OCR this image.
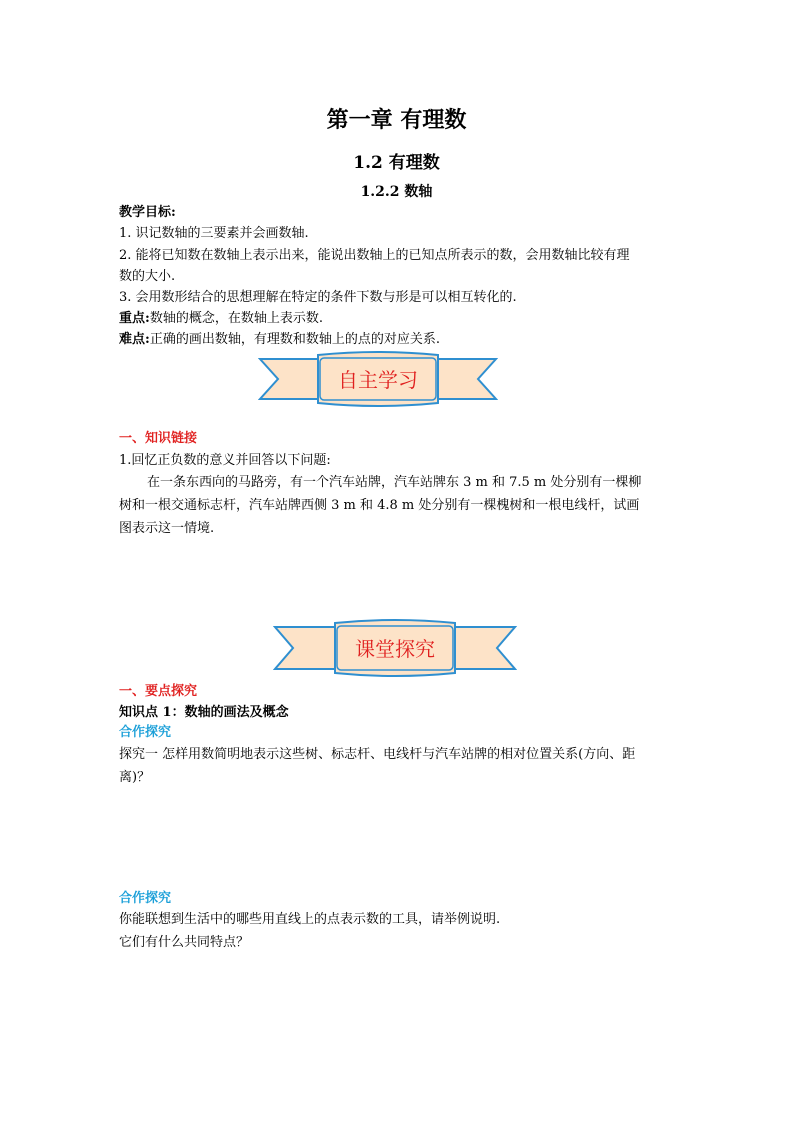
第一章 有理数
1.2 有理数
1.2.2 数轴
教学目标:
1. 识记数轴的三要素并会画数轴.
2. 能将已知数在数轴上表示出来，能说出数轴上的已知点所表示的数，会用数轴比较有理
数的大小.
3. 会用数形结合的思想理解在特定的条件下数与形是可以相互转化的.
重点:数轴的概念，在数轴上表示数.
难点:正确的画出数轴，有理数和数轴上的点的对应关系.
自主学习
一、知识链接
1.回忆正负数的意义并回答以下问题:
在一条东西向的马路旁，有一个汽车站牌，汽车站牌东 3 m 和 7.5 m 处分别有一棵柳
树和一根交通标志杆，汽车站牌西侧 3 m 和 4.8 m 处分别有一棵槐树和一根电线杆，试画
图表示这一情境.
课堂探究
一、要点探究
知识点 1：数轴的画法及概念
合作探究
探究一 怎样用数简明地表示这些树、标志杆、电线杆与汽车站牌的相对位置关系(方向、距
离)？
合作探究
你能联想到生活中的哪些用直线上的点表示数的工具，请举例说明.
它们有什么共同特点？
